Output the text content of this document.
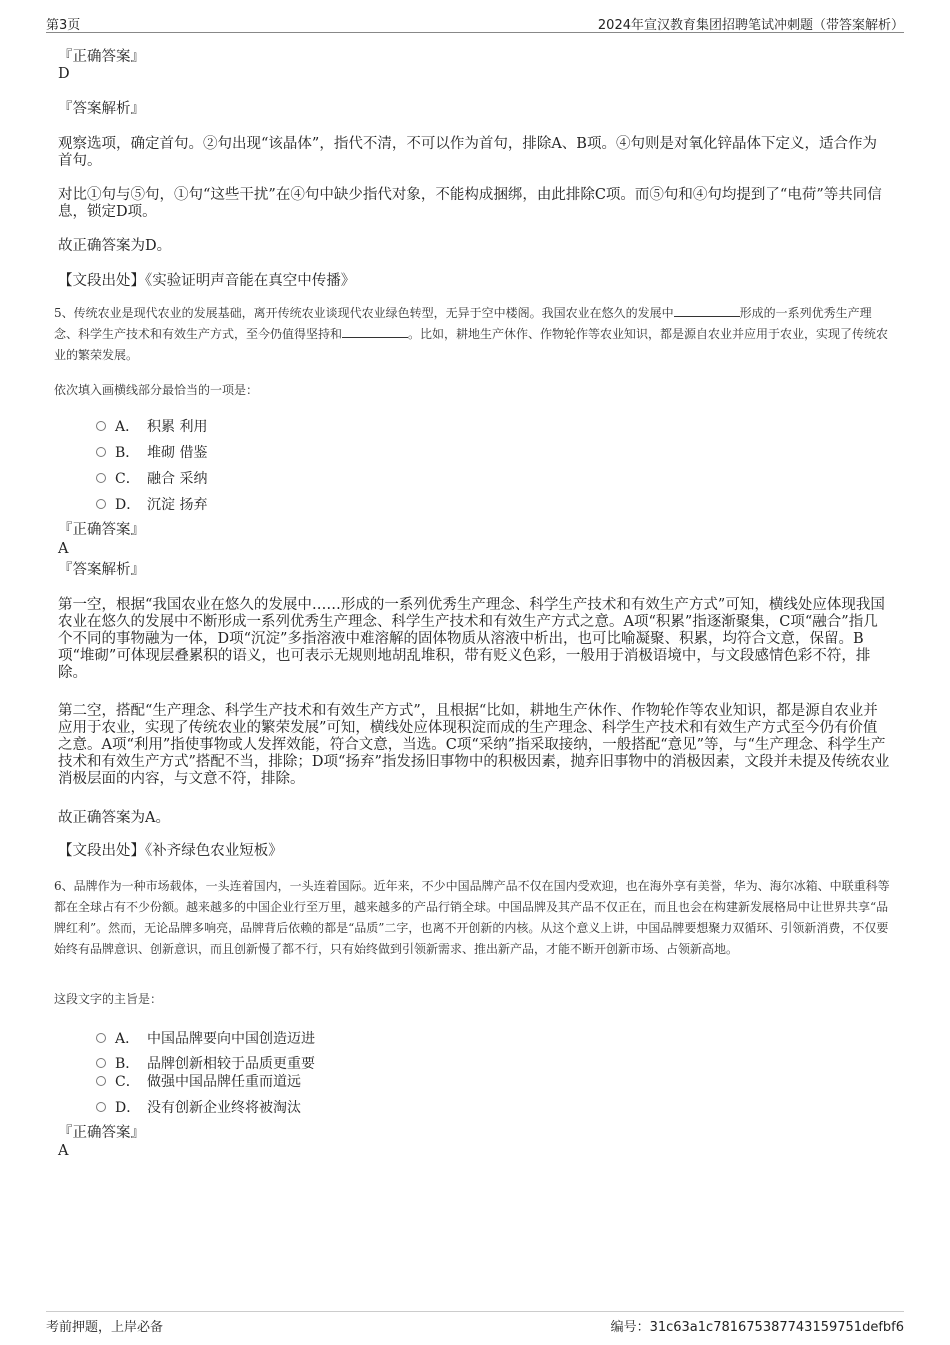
第3页	2024年宣汉教育集团招聘笔试冲刺题（带答案解析）
『正确答案』
D
『答案解析』
观察选项，确定首句。②句出现“该晶体”，指代不清，不可以作为首句，排除A、B项。④句则是对氧化锌晶体下定义，适合作为首句。
对比①句与⑤句，①句“这些干扰”在④句中缺少指代对象，不能构成捆绑，由此排除C项。而⑤句和④句均提到了“电荷”等共同信息，锁定D项。
故正确答案为D。
【文段出处】《实验证明声音能在真空中传播》
5、传统农业是现代农业的发展基础，离开传统农业谈现代农业绿色转型，无异于空中楼阁。我国农业在悠久的发展中	形成的一系列优秀生产理念、科学生产技术和有效生产方式，至今仍值得坚持和	。比如，耕地生产休作、作物轮作等农业知识，都是源自农业并应用于农业，实现了传统农业的繁荣发展。
依次填入画横线部分最恰当的一项是：
A． 积累 利用
B． 堆砌 借鉴
C． 融合 采纳
D． 沉淀 扬弃
『正确答案』
A
『答案解析』
第一空，根据“我国农业在悠久的发展中……形成的一系列优秀生产理念、科学生产技术和有效生产方式”可知，横线处应体现我国农业在悠久的发展中不断形成一系列优秀生产理念、科学生产技术和有效生产方式之意。A项“积累”指逐渐聚集，C项“融合”指几个不同的事物融为一体，D项“沉淀”多指溶液中难溶解的固体物质从溶液中析出，也可比喻凝聚、积累，均符合文意，保留。B项“堆砌”可体现层叠累积的语义，也可表示无规则地胡乱堆积，带有贬义色彩，一般用于消极语境中，与文段感情色彩不符，排除。
第二空，搭配“生产理念、科学生产技术和有效生产方式”，且根据“比如，耕地生产休作、作物轮作等农业知识，都是源自农业并应用于农业，实现了传统农业的繁荣发展”可知，横线处应体现积淀而成的生产理念、科学生产技术和有效生产方式至今仍有价值之意。A项“利用”指使事物或人发挥效能，符合文意，当选。C项“采纳”指采取接纳，一般搭配“意见”等，与“生产理念、科学生产技术和有效生产方式”搭配不当，排除；D项“扬弃”指发扬旧事物中的积极因素，抛弃旧事物中的消极因素，文段并未提及传统农业消极层面的内容，与文意不符，排除。
故正确答案为A。
【文段出处】《补齐绿色农业短板》
6、品牌作为一种市场载体，一头连着国内，一头连着国际。近年来，不少中国品牌产品不仅在国内受欢迎，也在海外享有美誉，华为、海尔冰箱、中联重科等都在全球占有不少份额。越来越多的中国企业行至万里，越来越多的产品行销全球。中国品牌及其产品不仅正在，而且也会在构建新发展格局中让世界共享“品牌红利”。然而，无论品牌多响亮，品牌背后依赖的都是“品质”二字，也离不开创新的内核。从这个意义上讲，中国品牌要想聚力双循环、引领新消费，不仅要始终有品牌意识、创新意识，而且创新慢了都不行，只有始终做到引领新需求、推出新产品，才能不断开创新市场、占领新高地。
这段文字的主旨是：
A． 中国品牌要向中国创造迈进
B． 品牌创新相较于品质更重要
C． 做强中国品牌任重而道远
D． 没有创新企业终将被淘汰
『正确答案』
A
考前押题，上岸必备	编号：31c63a1c781675387743159751defbf6
